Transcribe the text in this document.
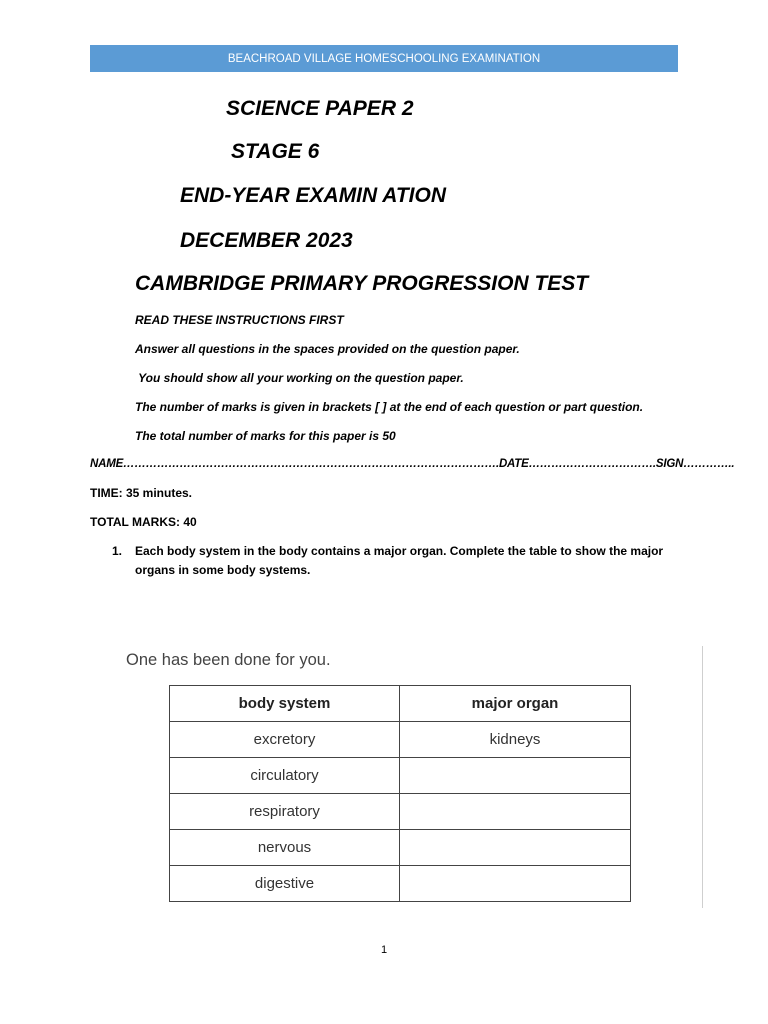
BEACHROAD VILLAGE HOMESCHOOLING EXAMINATION
SCIENCE PAPER 2
STAGE 6
END-YEAR EXAMIN ATION
DECEMBER 2023
CAMBRIDGE PRIMARY PROGRESSION TEST
READ THESE INSTRUCTIONS FIRST
Answer all questions in the spaces provided on the question paper.
You should show all your working on the question paper.
The number of marks is given in brackets [ ] at the end of each question or part question.
The total number of marks for this paper is 50
NAME……………………………………………………………………………………….DATE…………………………….SIGN…………..
TIME: 35 minutes.
TOTAL MARKS: 40
1.	Each body system in the body contains a major organ. Complete the table to show the major organs in some body systems.
One has been done for you.
body system	major organ
excretory	kidneys
circulatory	
respiratory	
nervous	
digestive	
1
